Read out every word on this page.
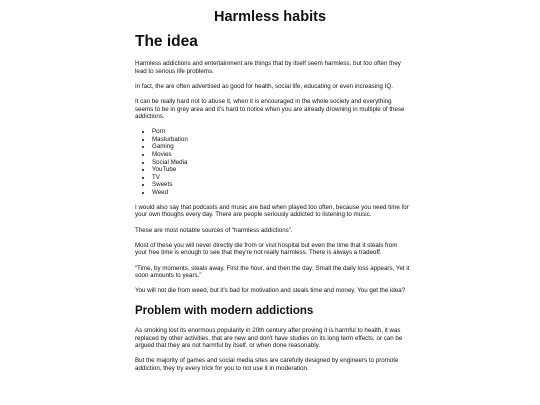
Harmless habits
The idea

Harmless addictions and entertainment are things that by itself seem harmless, but too often they lead to serious life problems.

In fact, the are often advertised as good for health, social life, educating or even increasing IQ.

It can be really hard not to abuse it, when it is encouraged in the whole society and everything seems to be in grey area and it's hard to notice when you are already drowning in multiple of these addictions.

• Porn
• Masturbation
• Gaming
• Movies
• Social Media
• YouTube
• TV
• Sweets
• Weed

I would also say that podcasts and music are bad when played too often, because you need time for your own thoughs every day. There are people seriously addicted to listening to music.

These are most notable sources of “harmless addictions”.

Most of these you will never directly die from or visit hospital but even the time that it steals from your free time is enough to see that they're not really harmless. There is always a tradeoff.

“Time, by moments, steals away, First the hour, and then the day; Small the daily loss appears, Yet it soon amounts to years.”

You will not die from weed, but it's bad for motivation and steals time and money. You get the idea?

Problem with modern addictions

As smoking lost its enormous popularity in 20th century after proving it is harmful to health, it was replaced by other activities, that are new and don't have studies on its long term effects, or can be argued that they are not harmful by itself, or when done reasonably.

But the majority of games and social media sites are carefully designed by engineers to promote addiction, they try every trick for you to not use it in moderation.
